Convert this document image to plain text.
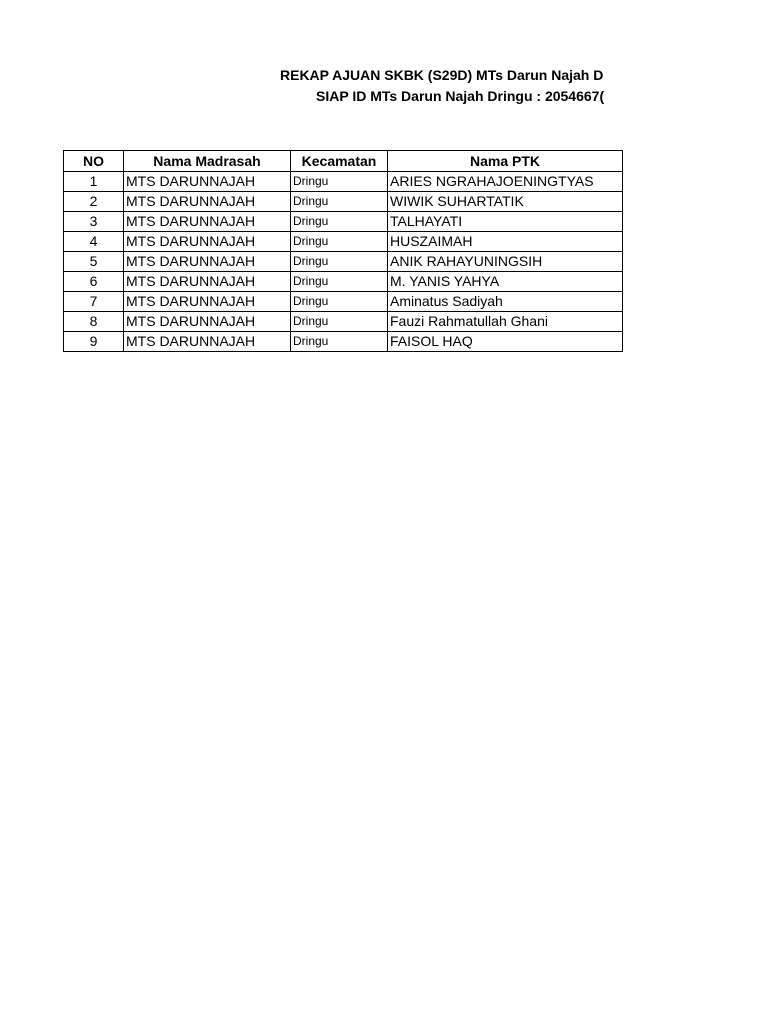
REKAP AJUAN SKBK (S29D) MTs Darun Najah D
SIAP ID MTs Darun Najah Dringu : 2054667(
NO	Nama Madrasah	Kecamatan	Nama PTK
1	MTS DARUNNAJAH	Dringu	ARIES NGRAHAJOENINGTYAS
2	MTS DARUNNAJAH	Dringu	WIWIK SUHARTATIK
3	MTS DARUNNAJAH	Dringu	TALHAYATI
4	MTS DARUNNAJAH	Dringu	HUSZAIMAH
5	MTS DARUNNAJAH	Dringu	ANIK RAHAYUNINGSIH
6	MTS DARUNNAJAH	Dringu	M. YANIS YAHYA
7	MTS DARUNNAJAH	Dringu	Aminatus Sadiyah
8	MTS DARUNNAJAH	Dringu	Fauzi Rahmatullah Ghani
9	MTS DARUNNAJAH	Dringu	FAISOL HAQ
